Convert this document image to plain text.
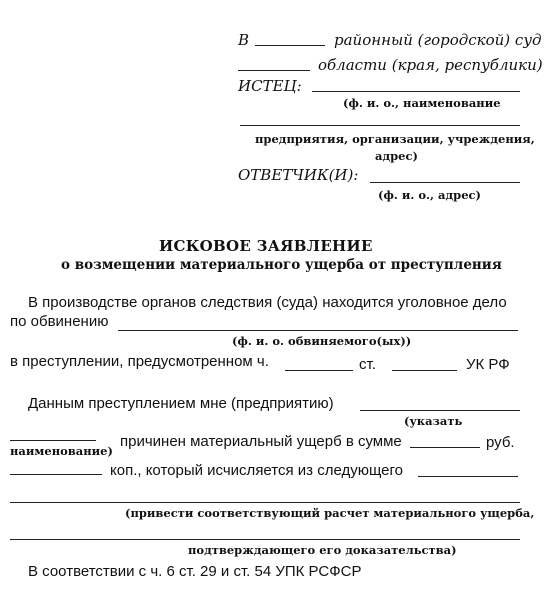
В	районный (городской) суд
области (края, республики)
ИСТЕЦ:
(ф. и. о., наименование
предприятия, организации, учреждения,
адрес)
ОТВЕТЧИК(И):
(ф. и. о., адрес)
ИСКОВОЕ ЗАЯВЛЕНИЕ
о возмещении материального ущерба от преступления
В производстве органов следствия (суда) находится уголовное дело
по обвинению
(ф. и. о. обвиняемого(ых))
в преступлении, предусмотренном ч.	ст.	УК РФ
Данным преступлением мне (предприятию)
(указать
наименование)
причинен материальный ущерб в сумме	руб.
коп., который исчисляется из следующего
(привести соответствующий расчет материального ущерба,
подтверждающего его доказательства)
В соответствии с ч. 6 ст. 29 и ст. 54 УПК РСФСР
